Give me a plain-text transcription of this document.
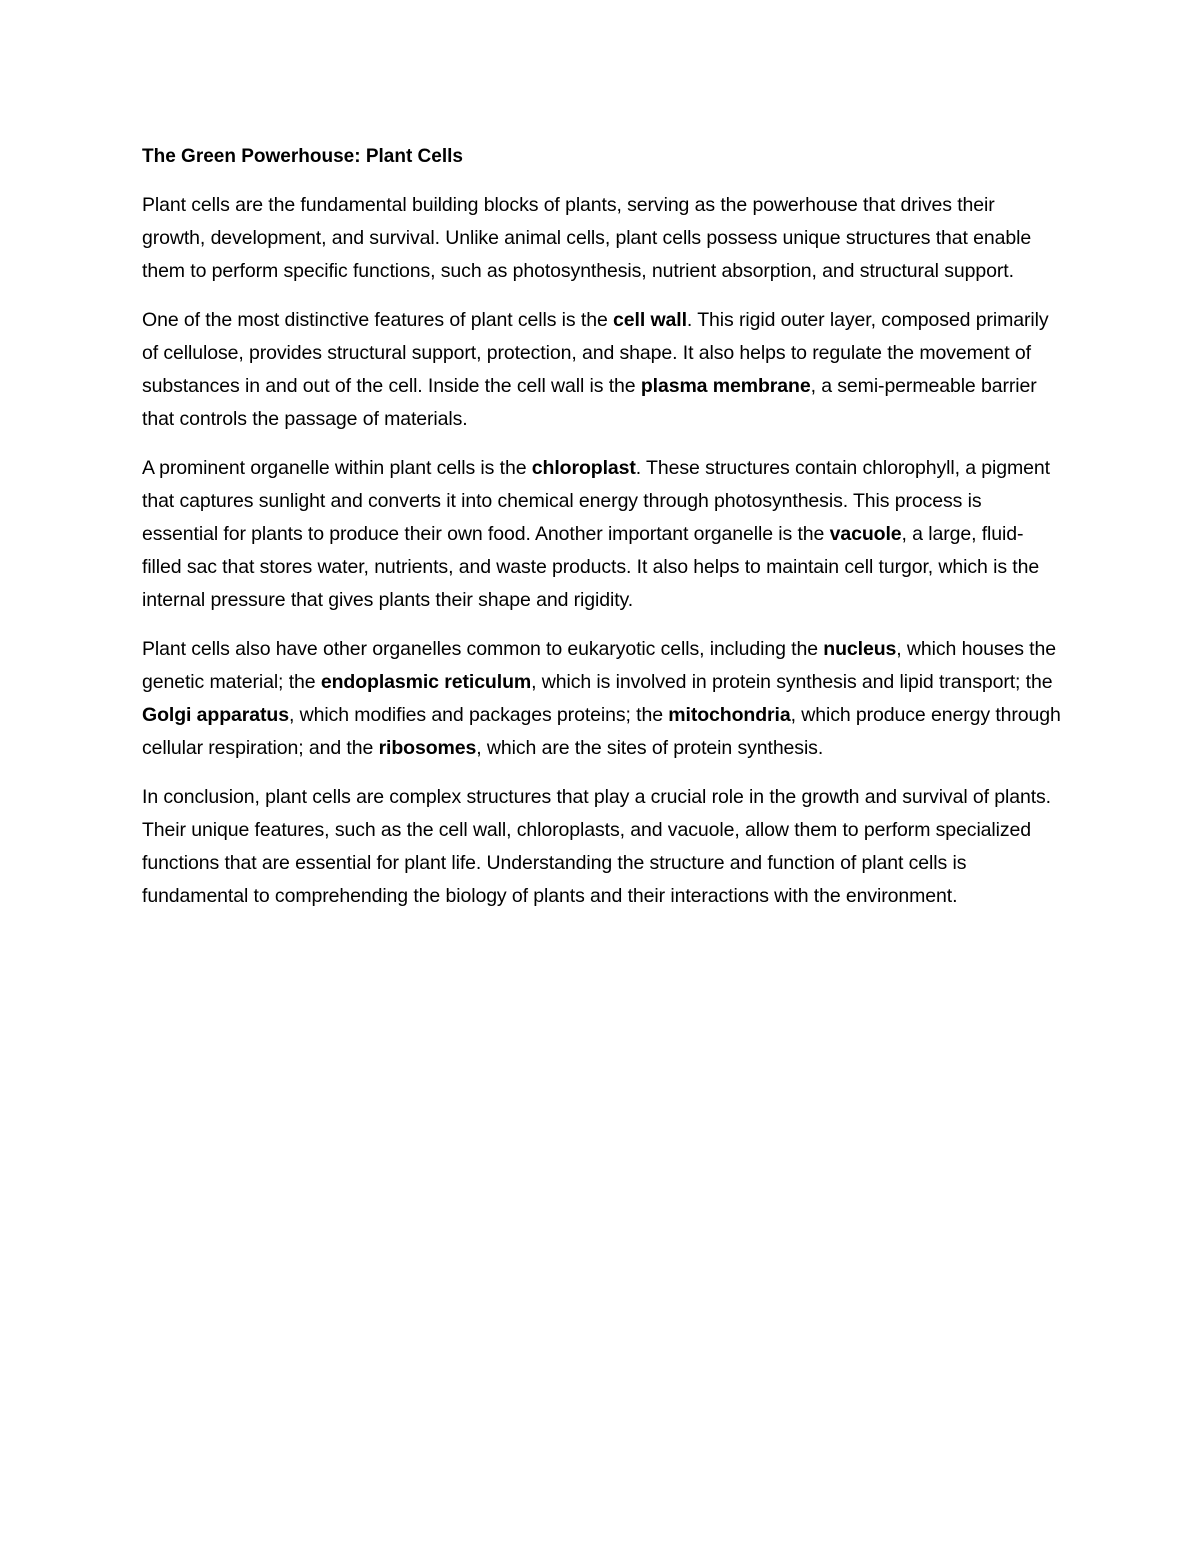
The Green Powerhouse: Plant Cells

Plant cells are the fundamental building blocks of plants, serving as the powerhouse that drives their growth, development, and survival. Unlike animal cells, plant cells possess unique structures that enable them to perform specific functions, such as photosynthesis, nutrient absorption, and structural support.

One of the most distinctive features of plant cells is the cell wall. This rigid outer layer, composed primarily of cellulose, provides structural support, protection, and shape. It also helps to regulate the movement of substances in and out of the cell. Inside the cell wall is the plasma membrane, a semi-permeable barrier that controls the passage of materials.

A prominent organelle within plant cells is the chloroplast. These structures contain chlorophyll, a pigment that captures sunlight and converts it into chemical energy through photosynthesis. This process is essential for plants to produce their own food. Another important organelle is the vacuole, a large, fluid-filled sac that stores water, nutrients, and waste products. It also helps to maintain cell turgor, which is the internal pressure that gives plants their shape and rigidity.

Plant cells also have other organelles common to eukaryotic cells, including the nucleus, which houses the genetic material; the endoplasmic reticulum, which is involved in protein synthesis and lipid transport; the Golgi apparatus, which modifies and packages proteins; the mitochondria, which produce energy through cellular respiration; and the ribosomes, which are the sites of protein synthesis.

In conclusion, plant cells are complex structures that play a crucial role in the growth and survival of plants. Their unique features, such as the cell wall, chloroplasts, and vacuole, allow them to perform specialized functions that are essential for plant life. Understanding the structure and function of plant cells is fundamental to comprehending the biology of plants and their interactions with the environment.
